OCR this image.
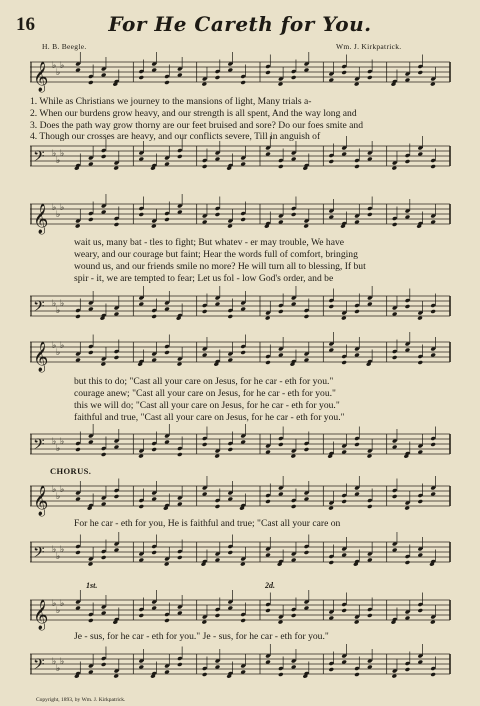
16	For He Careth for You.
H. B. Beegle.	Wm. J. Kirkpatrick.
𝄞 ♭
♭
♭
𝄢 ♭
♭
♭
1. While as Christians we journey to the mansions of light, Many trials a-
2. When our burdens grow heavy, and our strength is all spent, And the way long and
3. Does the path way grow thorny are our feet bruised and sore? Do our foes smite and
4. Though our crosses are heavy, and our conflicts severe, Till in anguish of
𝄞 ♭
♭
♭
wait us, many bat - tles to fight; But whatev - er may trouble, We have
weary, and our courage but faint; Hear the words full of comfort, bringing
wound us, and our friends smile no more? He will turn all to blessing, If but
spir - it, we are tempted to fear; Let us fol - low God's order, and be
𝄢 ♭
♭
♭
𝄞 ♭
♭
♭
but this to do; "Cast all your care on Jesus, for he car - eth for you."
courage anew; "Cast all your care on Jesus, for he car - eth for you."
this we will do; "Cast all your care on Jesus, for he car - eth for you."
faithful and true, "Cast all your care on Jesus, for he car - eth for you."
𝄢 ♭
♭
♭
CHORUS.
𝄞 ♭
♭
♭
For he car - eth for you, He is faithful and true; "Cast all your care on
𝄢 ♭
♭
♭
1st.	2d.
𝄞 ♭
♭
♭
Je - sus, for he car - eth for you." Je - sus, for he car - eth for you."
𝄢 ♭
♭
♭
Copyright, 1893, by Wm. J. Kirkpatrick.
